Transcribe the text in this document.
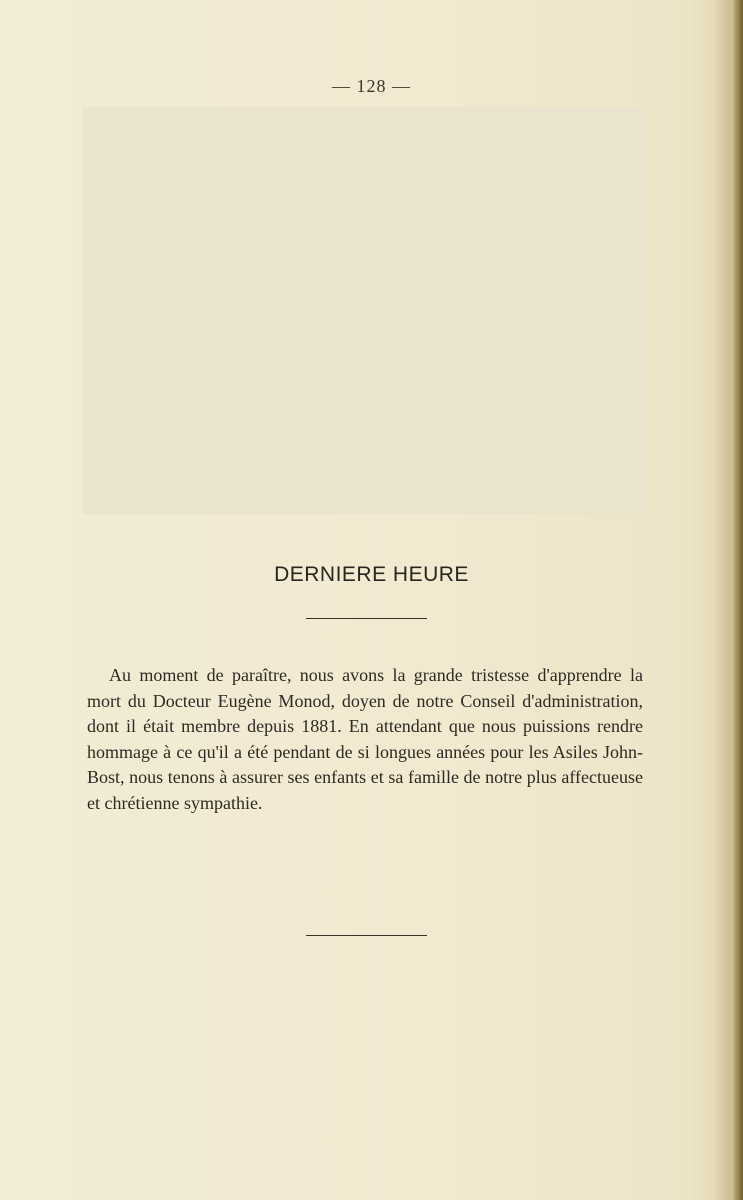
— 128 —
DERNIERE HEURE
Au moment de paraître, nous avons la grande tristesse d'apprendre la mort du Docteur Eugène Monod, doyen de notre Conseil d'administration, dont il était membre depuis 1881. En attendant que nous puissions rendre hommage à ce qu'il a été pendant de si longues années pour les Asiles John-Bost, nous tenons à assurer ses enfants et sa famille de notre plus affectueuse et chrétienne sympathie.
